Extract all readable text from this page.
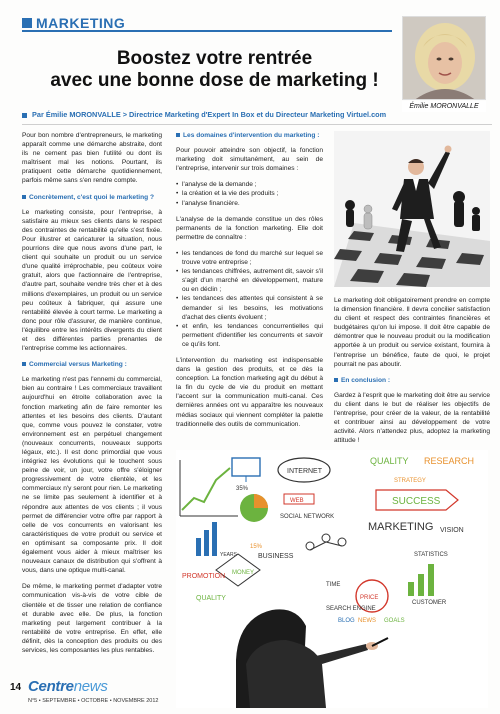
MARKETING
Émilie MORONVALLE
Boostez votre rentrée
avec une bonne dose de marketing !
Par Émilie MORONVALLE > Directrice Marketing d'Expert In Box et du Directeur Marketing Virtuel.com

Pour bon nombre d'entrepreneurs, le marketing apparaît comme une démarche abstraite, dont ils ne cernent pas bien l'utilité ou dont ils maîtrisent mal les notions. Pourtant, ils pratiquent cette démarche quotidiennement, parfois même sans s'en rendre compte.

Concrètement, c'est quoi le marketing ?

Le marketing consiste, pour l'entreprise, à satisfaire au mieux ses clients dans le respect des contraintes de rentabilité qu'elle s'est fixée. Pour illustrer et caricaturer la situation, nous pourrions dire que nous avons d'une part, le client qui souhaite un produit ou un service d'une qualité irréprochable, peu coûteux voire gratuit, alors que l'actionnaire de l'entreprise, d'autre part, souhaite vendre très cher et à des millions d'exemplaires, un produit ou un service peu coûteux à fabriquer, qui assure une rentabilité élevée à court terme. Le marketing a donc pour rôle d'assurer, de manière continue, l'équilibre entre les intérêts divergents du client et des différentes parties prenantes de l'entreprise comme les actionnaires.

Commercial versus Marketing :

Le marketing n'est pas l'ennemi du commercial, bien au contraire ! Les commerciaux travaillent aujourd'hui en étroite collaboration avec la fonction marketing afin de faire remonter les attentes et les besoins des clients. D'autant que, comme vous pouvez le constater, votre environnement est en perpétuel changement (nouveaux concurrents, nouveaux supports légaux, etc.). Il est donc primordial que vous intégriez les évolutions qui le touchent sous peine de voir, un jour, votre offre s'éloigner progressivement de votre clientèle, et les commerciaux n'y seront pour rien. Le marketing ne se limite pas seulement à identifier et à répondre aux attentes de vos clients ; il vous permet de différencier votre offre par rapport à celle de vos concurrents en valorisant les caractéristiques de votre produit ou service et en optimisant sa composante prix. Il doit également vous aider à mieux maîtriser les nouveaux canaux de distribution qui s'offrent à vous, dans une optique multi-canal.

De même, le marketing permet d'adapter votre communication vis-à-vis de votre cible de clientèle et de tisser une relation de confiance et durable avec elle. De plus, la fonction marketing peut largement contribuer à la rentabilité de votre entreprise. En effet, elle définit, dès la conception des produits ou des services, les composantes les plus rentables.

Les domaines d'intervention du marketing :

Pour pouvoir atteindre son objectif, la fonction marketing doit simultanément, au sein de l'entreprise, intervenir sur trois domaines :

• l'analyse de la demande ;
• la création et la vie des produits ;
• l'analyse financière.

L'analyse de la demande constitue un des rôles permanents de la fonction marketing. Elle doit permettre de connaître :

• les tendances de fond du marché sur lequel se trouve votre entreprise ;
• les tendances chiffrées, autrement dit, savoir s'il s'agit d'un marché en développement, mature ou en déclin ;
• les tendances des attentes qui consistent à se demander si les besoins, les motivations d'achat des clients évoluent ;
• et enfin, les tendances concurrentielles qui permettent d'identifier les concurrents et savoir ce qu'ils font.

L'intervention du marketing est indispensable dans la gestion des produits, et ce dès la conception. La fonction marketing agit du début à la fin du cycle de vie du produit en mettant l'accent sur la communication multi-canal. Ces dernières années ont vu apparaître les nouveaux médias sociaux qui viennent compléter la palette traditionnelle des outils de communication.

Le marketing doit obligatoirement prendre en compte la dimension financière. Il devra concilier satisfaction du client et respect des contraintes financières et budgétaires qu'on lui impose. Il doit être capable de démontrer que le nouveau produit ou la modification apportée à un produit ou service existant, fournira à l'entreprise un bénéfice, faute de quoi, le projet pourrait ne pas aboutir.

En conclusion :

Gardez à l'esprit que le marketing doit être au service du client dans le but de réaliser les objectifs de l'entreprise, pour créer de la valeur, de la rentabilité et contribuer ainsi au développement de votre activité. Alors n'attendez plus, adoptez la marketing attitude !

INTERNET
WEB
SOCIAL NETWORK
QUALITY
STRATEGY
RESEARCH
SUCCESS
MARKETING VISION
35%
YEARS
PROMOTION MONEY
BUSINESS
15%
QUALITY
STATISTICS
CUSTOMER
PRICE
TIME
SEARCH ENGINE
BLOG NEWS GOALS
14 Centrenews
N°5 • SEPTEMBRE • OCTOBRE • NOVEMBRE 2012
